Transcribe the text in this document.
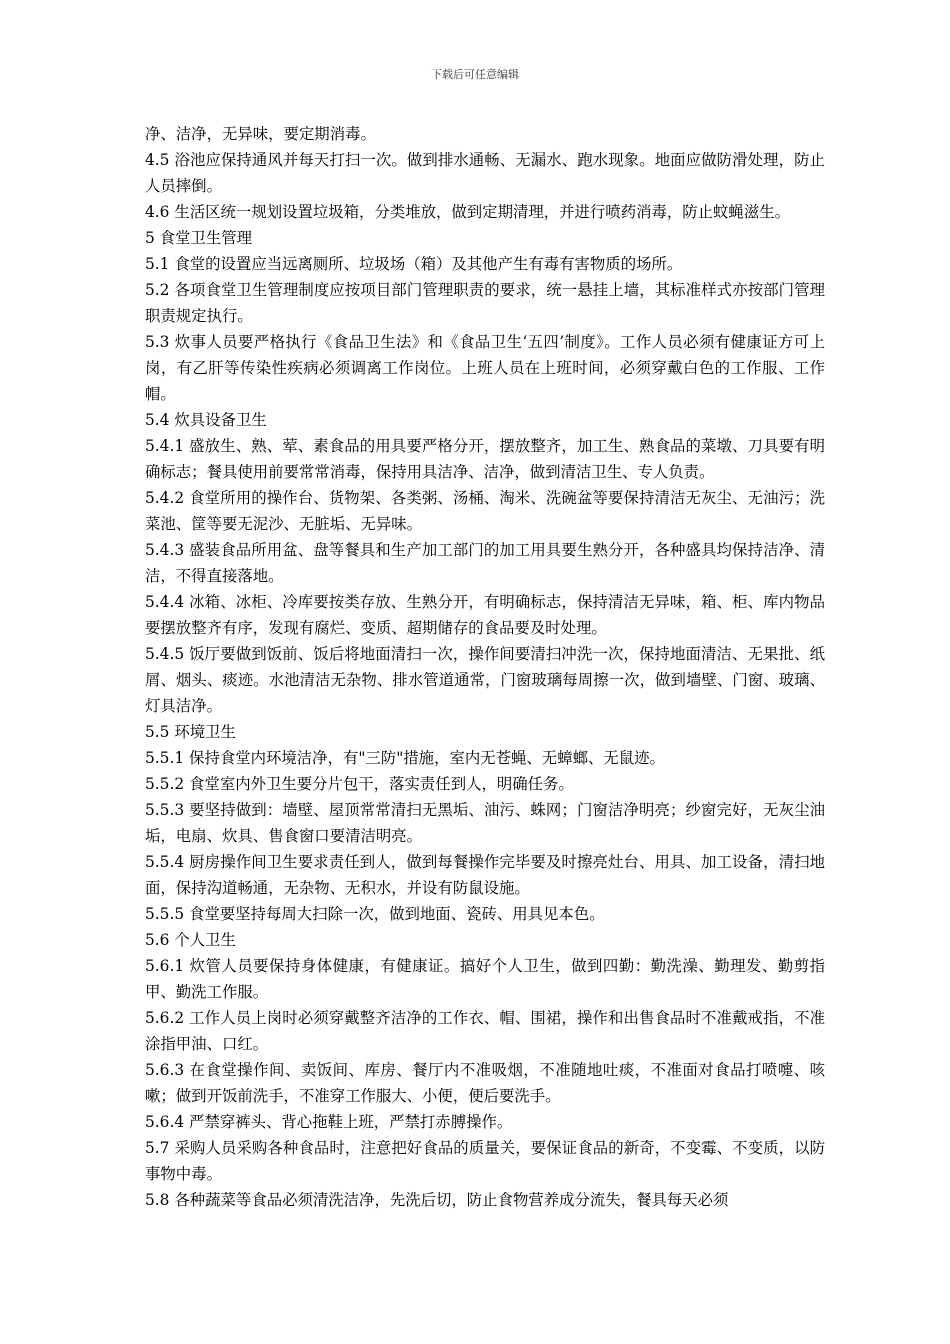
下载后可任意编辑

净、洁净，无异味，要定期消毒。

4.5 浴池应保持通风并每天打扫一次。做到排水通畅、无漏水、跑水现象。地面应做防滑处理，防止人员摔倒。

4.6 生活区统一规划设置垃圾箱，分类堆放，做到定期清理，并进行喷药消毒，防止蚊蝇滋生。

5 食堂卫生管理

5.1 食堂的设置应当远离厕所、垃圾场（箱）及其他产生有毒有害物质的场所。

5.2 各项食堂卫生管理制度应按项目部门管理职责的要求，统一悬挂上墙，其标准样式亦按部门管理职责规定执行。

5.3 炊事人员要严格执行《食品卫生法》和《食品卫生‘五四’制度》。工作人员必须有健康证方可上岗，有乙肝等传染性疾病必须调离工作岗位。上班人员在上班时间，必须穿戴白色的工作服、工作帽。

5.4 炊具设备卫生

5.4.1 盛放生、熟、荤、素食品的用具要严格分开，摆放整齐，加工生、熟食品的菜墩、刀具要有明确标志；餐具使用前要常常消毒，保持用具洁净、洁净，做到清洁卫生、专人负责。

5.4.2 食堂所用的操作台、货物架、各类粥、汤桶、淘米、洗碗盆等要保持清洁无灰尘、无油污；洗菜池、筐等要无泥沙、无脏垢、无异味。

5.4.3 盛装食品所用盆、盘等餐具和生产加工部门的加工用具要生熟分开，各种盛具均保持洁净、清洁，不得直接落地。

5.4.4 冰箱、冰柜、冷库要按类存放、生熟分开，有明确标志，保持清洁无异味，箱、柜、库内物品要摆放整齐有序，发现有腐烂、变质、超期储存的食品要及时处理。

5.4.5 饭厅要做到饭前、饭后将地面清扫一次，操作间要清扫冲洗一次，保持地面清洁、无果批、纸屑、烟头、痰迹。水池清洁无杂物、排水管道通常，门窗玻璃每周擦一次，做到墙壁、门窗、玻璃、灯具洁净。

5.5 环境卫生

5.5.1 保持食堂内环境洁净，有"三防"措施，室内无苍蝇、无蟑螂、无鼠迹。

5.5.2 食堂室内外卫生要分片包干，落实责任到人，明确任务。

5.5.3 要坚持做到：墙壁、屋顶常常清扫无黑垢、油污、蛛网；门窗洁净明亮；纱窗完好，无灰尘油垢，电扇、炊具、售食窗口要清洁明亮。

5.5.4 厨房操作间卫生要求责任到人，做到每餐操作完毕要及时擦亮灶台、用具、加工设备，清扫地面，保持沟道畅通，无杂物、无积水，并设有防鼠设施。

5.5.5 食堂要坚持每周大扫除一次，做到地面、瓷砖、用具见本色。

5.6 个人卫生

5.6.1 炊管人员要保持身体健康，有健康证。搞好个人卫生，做到四勤：勤洗澡、勤理发、勤剪指甲、勤洗工作服。

5.6.2 工作人员上岗时必须穿戴整齐洁净的工作衣、帽、围裙，操作和出售食品时不准戴戒指，不准涂指甲油、口红。

5.6.3 在食堂操作间、卖饭间、库房、餐厅内不准吸烟，不准随地吐痰，不准面对食品打喷嚏、咳嗽；做到开饭前洗手，不准穿工作服大、小便，便后要洗手。

5.6.4 严禁穿裤头、背心拖鞋上班，严禁打赤膊操作。

5.7 采购人员采购各种食品时，注意把好食品的质量关，要保证食品的新奇，不变霉、不变质，以防事物中毒。

5.8 各种蔬菜等食品必须清洗洁净，先洗后切，防止食物营养成分流失，餐具每天必须
